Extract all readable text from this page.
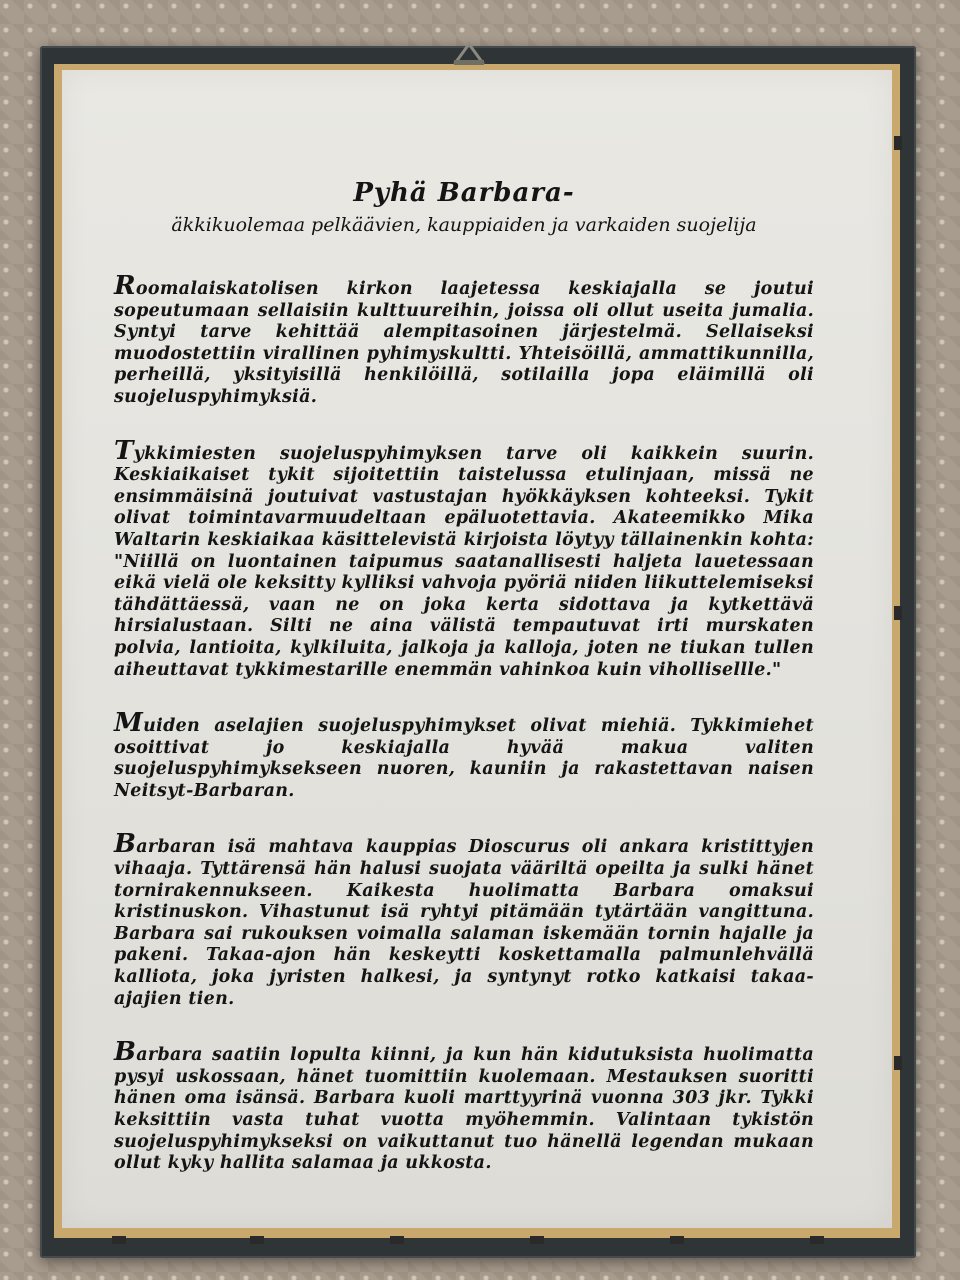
Pyhä Barbara-
äkkikuolemaa pelkäävien, kauppiaiden ja varkaiden suojelija

Roomalaiskatolisen kirkon laajetessa keskiajalla se joutui sopeutumaan sellaisiin kulttuureihin, joissa oli ollut useita jumalia. Syntyi tarve kehittää alempitasoinen järjestelmä. Sellaiseksi muodostettiin virallinen pyhimyskultti. Yhteisöillä, ammattikunnilla, perheillä, yksityisillä henkilöillä, sotilailla jopa eläimillä oli suojeluspyhimyksiä.

Tykkimiesten suojeluspyhimyksen tarve oli kaikkein suurin. Keskiaikaiset tykit sijoitettiin taistelussa etulinjaan, missä ne ensimmäisinä joutuivat vastustajan hyökkäyksen kohteeksi. Tykit olivat toimintavarmuudeltaan epäluotettavia. Akateemikko Mika Waltarin keskiaikaa käsittelevistä kirjoista löytyy tällainenkin kohta: "Niillä on luontainen taipumus saatanallisesti haljeta lauetessaan eikä vielä ole keksitty kylliksi vahvoja pyöriä niiden liikuttelemiseksi tähdättäessä, vaan ne on joka kerta sidottava ja kytkettävä hirsialustaan. Silti ne aina välistä tempautuvat irti murskaten polvia, lantioita, kylkiluita, jalkoja ja kalloja, joten ne tiukan tullen aiheuttavat tykkimestarille enemmän vahinkoa kuin vihollisellle."

Muiden aselajien suojeluspyhimykset olivat miehiä. Tykkimiehet osoittivat jo keskiajalla hyvää makua valiten suojeluspyhimyksekseen nuoren, kauniin ja rakastettavan naisen Neitsyt-Barbaran.

Barbaran isä mahtava kauppias Dioscurus oli ankara kristittyjen vihaaja. Tyttärensä hän halusi suojata vääriltä opeilta ja sulki hänet tornirakennukseen. Kaikesta huolimatta Barbara omaksui kristinuskon. Vihastunut isä ryhtyi pitämään tytärtään vangittuna. Barbara sai rukouksen voimalla salaman iskemään tornin hajalle ja pakeni. Takaa-ajon hän keskeytti koskettamalla palmunlehvällä kalliota, joka jyristen halkesi, ja syntynyt rotko katkaisi takaa-ajajien tien.

Barbara saatiin lopulta kiinni, ja kun hän kidutuksista huolimatta pysyi uskossaan, hänet tuomittiin kuolemaan. Mestauksen suoritti hänen oma isänsä. Barbara kuoli marttyyrinä vuonna 303 jkr. Tykki keksittiin vasta tuhat vuotta myöhemmin. Valintaan tykistön suojeluspyhimykseksi on vaikuttanut tuo hänellä legendan mukaan ollut kyky hallita salamaa ja ukkosta.
